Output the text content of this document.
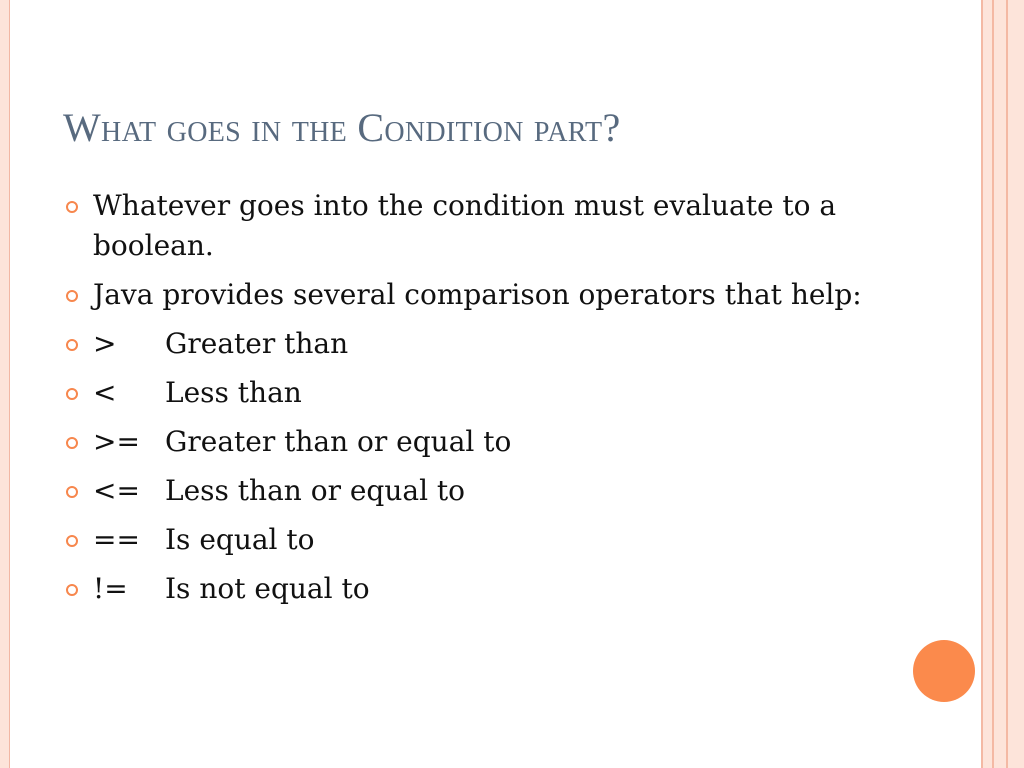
What goes in the Condition part?
Whatever goes into the condition must evaluate to a boolean.
Java provides several comparison operators that help:
> Greater than
< Less than
>= Greater than or equal to
<= Less than or equal to
== Is equal to
!= Is not equal to
